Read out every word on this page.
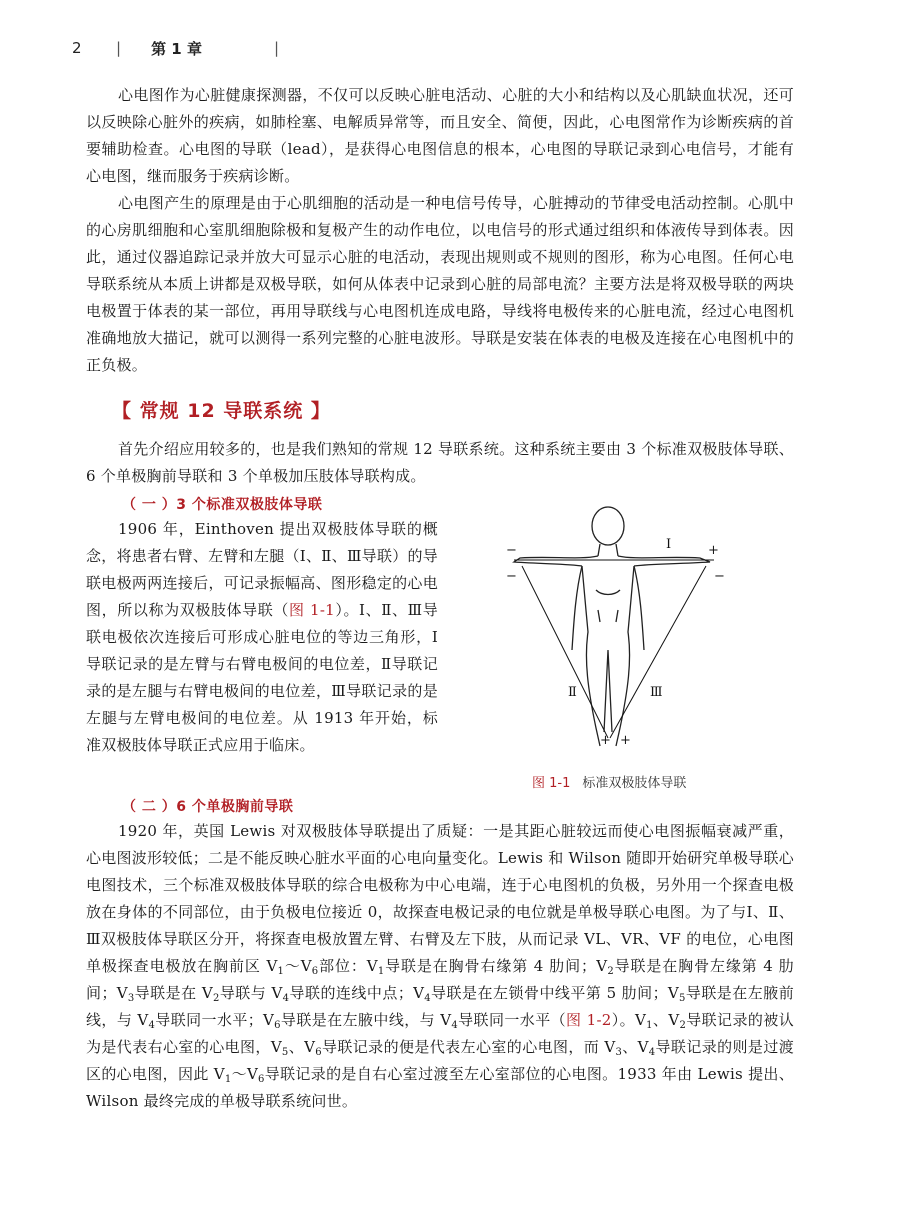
2 | 第 1 章	|

心电图作为心脏健康探测器，不仅可以反映心脏电活动、心脏的大小和结构以及心肌缺血状况，还可以反映除心脏外的疾病，如肺栓塞、电解质异常等，而且安全、简便，因此，心电图常作为诊断疾病的首要辅助检查。心电图的导联（lead），是获得心电图信息的根本，心电图的导联记录到心电信号，才能有心电图，继而服务于疾病诊断。

心电图产生的原理是由于心肌细胞的活动是一种电信号传导，心脏搏动的节律受电活动控制。心肌中的心房肌细胞和心室肌细胞除极和复极产生的动作电位，以电信号的形式通过组织和体液传导到体表。因此，通过仪器追踪记录并放大可显示心脏的电活动，表现出规则或不规则的图形，称为心电图。任何心电导联系统从本质上讲都是双极导联，如何从体表中记录到心脏的局部电流？主要方法是将双极导联的两块电极置于体表的某一部位，再用导联线与心电图机连成电路，导线将电极传来的心脏电流，经过心电图机准确地放大描记，就可以测得一系列完整的心脏电波形。导联是安装在体表的电极及连接在心电图机中的正负极。

【 常规 12 导联系统 】

首先介绍应用较多的，也是我们熟知的常规 12 导联系统。这种系统主要由 3 个标准双极肢体导联、6 个单极胸前导联和 3 个单极加压肢体导联构成。

（ 一 ）3 个标准双极肢体导联

1906 年，Einthoven 提出双极肢体导联的概念，将患者右臂、左臂和左腿（Ⅰ、Ⅱ、Ⅲ导联）的导联电极两两连接后，可记录振幅高、图形稳定的心电图，所以称为双极肢体导联（图 1-1）。Ⅰ、Ⅱ、Ⅲ导联电极依次连接后可形成心脏电位的等边三角形，Ⅰ导联记录的是左臂与右臂电极间的电位差，Ⅱ导联记录的是左腿与右臂电极间的电位差，Ⅲ导联记录的是左腿与左臂电极间的电位差。从 1913 年开始，标准双极肢体导联正式应用于临床。

Ⅰ
Ⅱ	Ⅲ
+
−
−	−
+ +
图 1-1 标准双极肢体导联
（ 二 ）6 个单极胸前导联

1920 年，英国 Lewis 对双极肢体导联提出了质疑：一是其距心脏较远而使心电图振幅衰减严重，心电图波形较低；二是不能反映心脏水平面的心电向量变化。Lewis 和 Wilson 随即开始研究单极导联心电图技术，三个标准双极肢体导联的综合电极称为中心电端，连于心电图机的负极，另外用一个探查电极放在身体的不同部位，由于负极电位接近 0，故探查电极记录的电位就是单极导联心电图。为了与Ⅰ、Ⅱ、Ⅲ双极肢体导联区分开，将探查电极放置左臂、右臂及左下肢，从而记录 VL、VR、VF 的电位，心电图单极探查电极放在胸前区 $V_1\sim V_6$部位：$V_1$导联是在胸骨右缘第 4 肋间；$V_2$导联是在胸骨左缘第 4 肋间；$V_3$导联是在 $V_2$导联与 $V_4$导联的连线中点；$V_4$导联是在左锁骨中线平第 5 肋间；$V_5$导联是在左腋前线，与 $V_4$导联同一水平；$V_6$导联是在左腋中线，与 $V_4$导联同一水平（图 1-2）。$V_1$、$V_2$导联记录的被认为是代表右心室的心电图，$V_5$、$V_6$导联记录的便是代表左心室的心电图，而 $V_3$、$V_4$导联记录的则是过渡区的心电图，因此 $V_1\sim V_6$导联记录的是自右心室过渡至左心室部位的心电图。1933 年由 Lewis 提出、Wilson 最终完成的单极导联系统问世。
